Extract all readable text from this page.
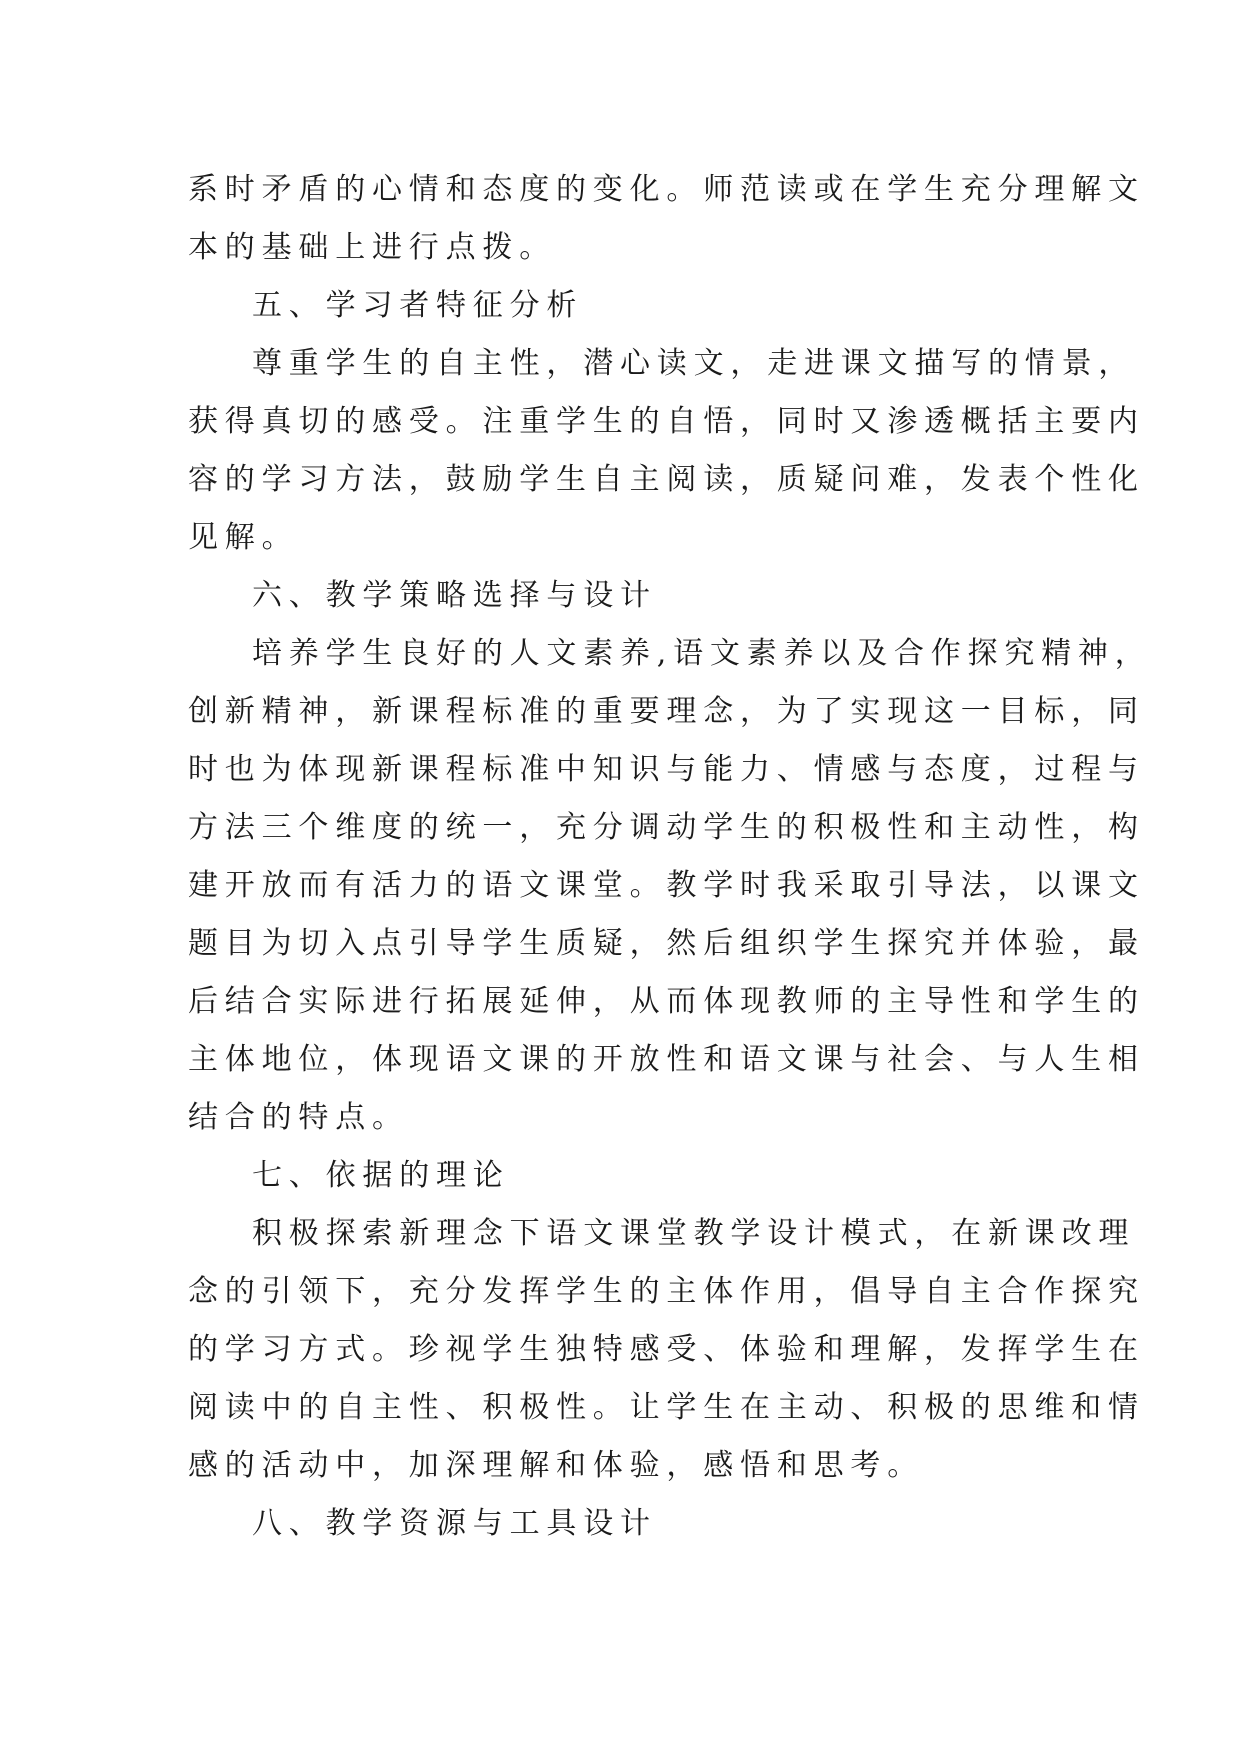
系时矛盾的心情和态度的变化。师范读或在学生充分理解文
本的基础上进行点拨。
五、学习者特征分析
尊重学生的自主性，潜心读文，走进课文描写的情景，
获得真切的感受。注重学生的自悟，同时又渗透概括主要内
容的学习方法，鼓励学生自主阅读，质疑问难，发表个性化
见解。
六、教学策略选择与设计
培养学生良好的人文素养,语文素养以及合作探究精神，
创新精神，新课程标准的重要理念，为了实现这一目标，同
时也为体现新课程标准中知识与能力、情感与态度，过程与
方法三个维度的统一，充分调动学生的积极性和主动性，构
建开放而有活力的语文课堂。教学时我采取引导法，以课文
题目为切入点引导学生质疑，然后组织学生探究并体验，最
后结合实际进行拓展延伸，从而体现教师的主导性和学生的
主体地位，体现语文课的开放性和语文课与社会、与人生相
结合的特点。
七、依据的理论
积极探索新理念下语文课堂教学设计模式，在新课改理
念的引领下，充分发挥学生的主体作用，倡导自主合作探究
的学习方式。珍视学生独特感受、体验和理解，发挥学生在
阅读中的自主性、积极性。让学生在主动、积极的思维和情
感的活动中，加深理解和体验，感悟和思考。
八、教学资源与工具设计
